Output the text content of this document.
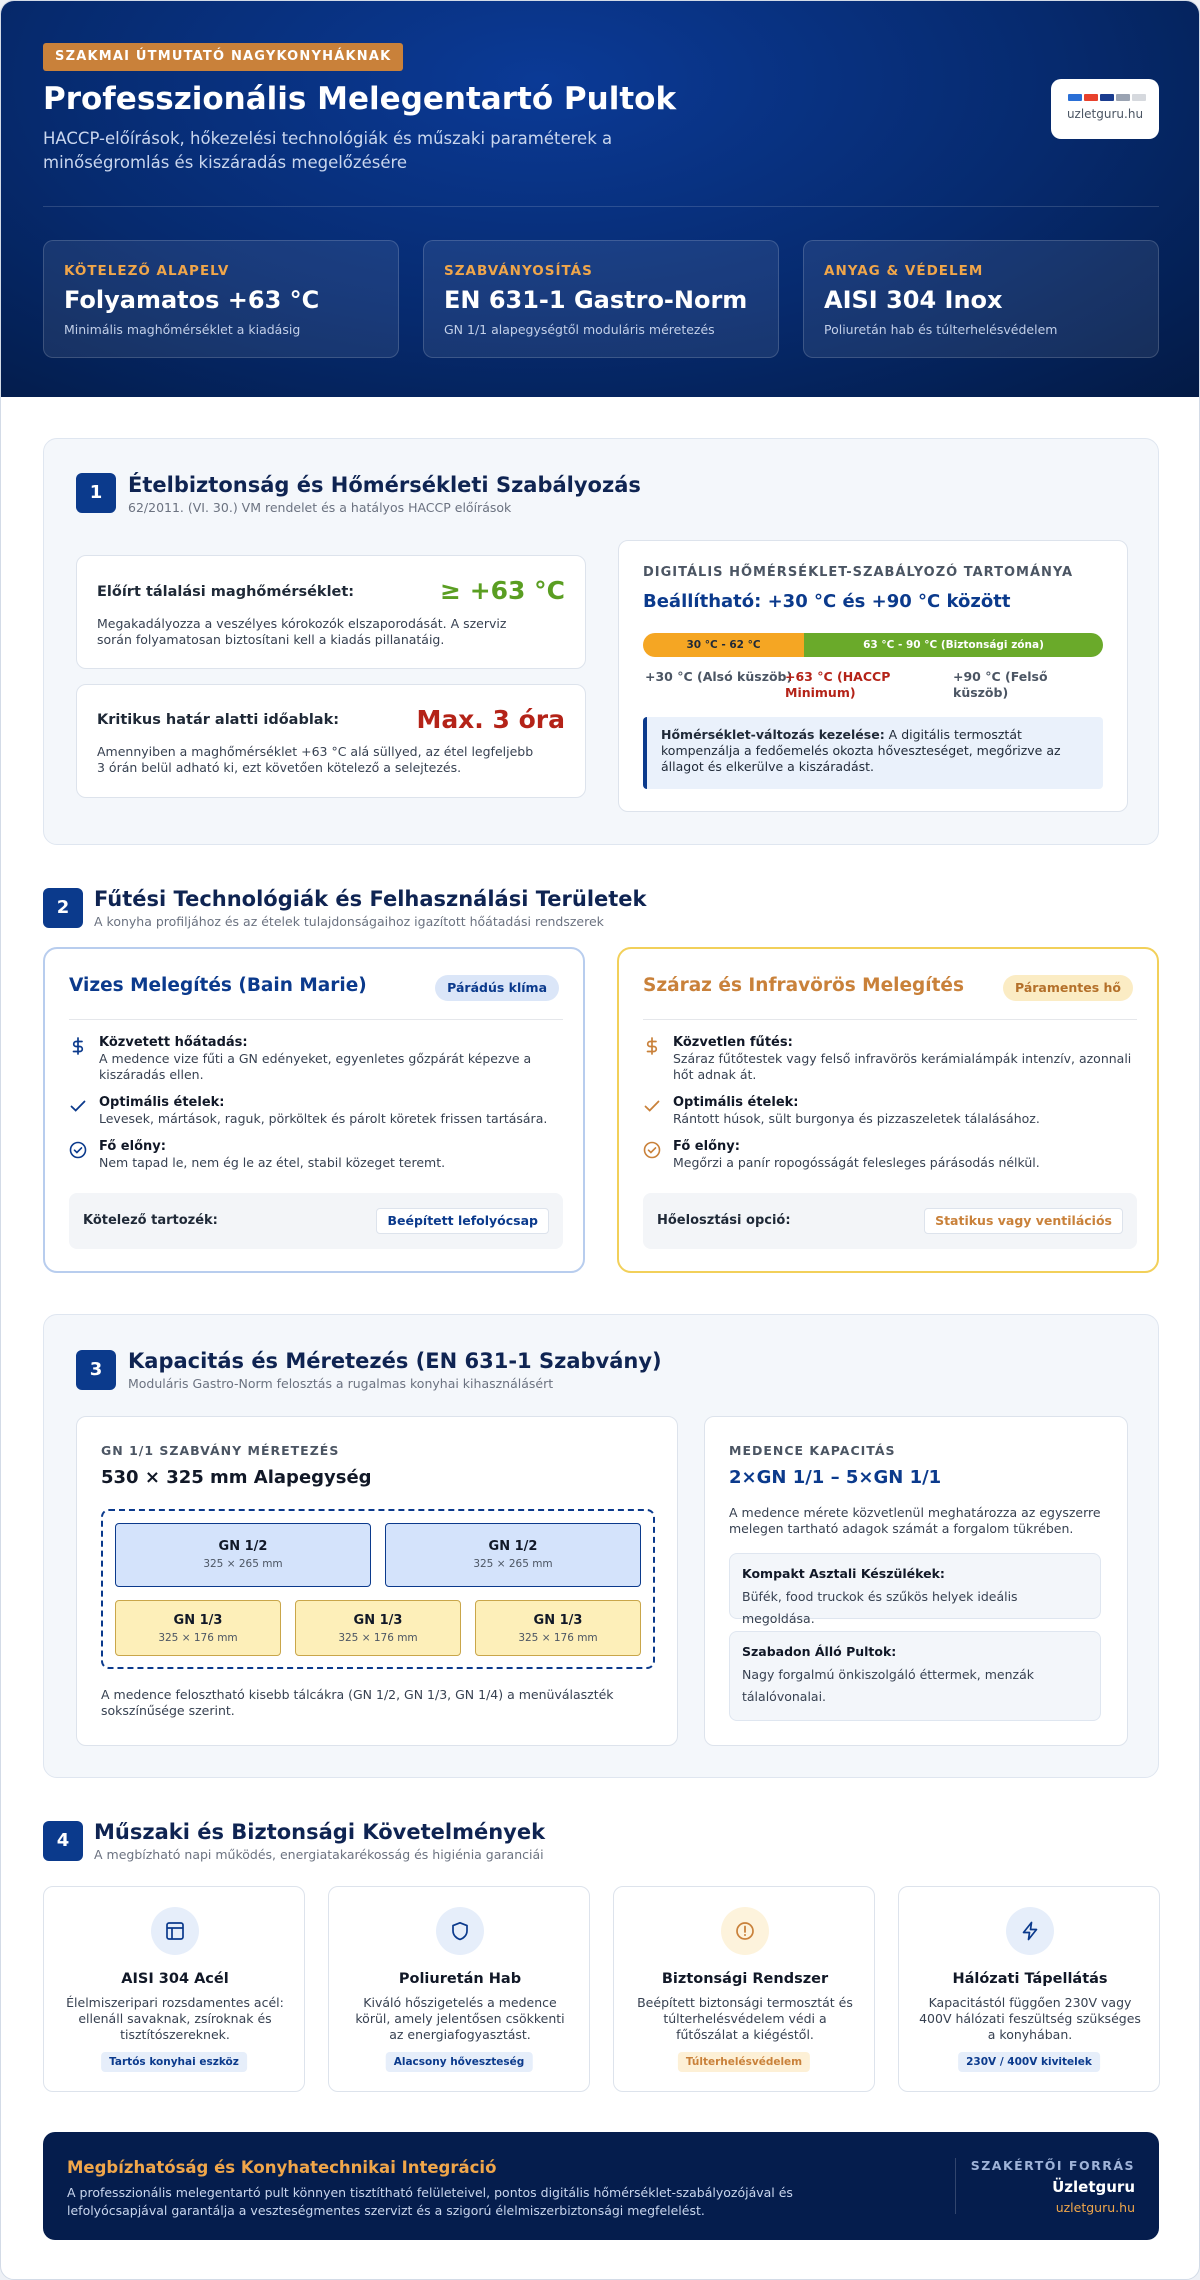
SZAKMAI ÚTMUTATÓ NAGYKONYHÁKNAK
Professzionális Melegentartó Pultok
HACCP-előírások, hőkezelési technológiák és műszaki paraméterek a minőségromlás és kiszáradás megelőzésére
uzletguru.hu
KÖTELEZŐ ALAPELV
Folyamatos +63 °C
Minimális maghőmérséklet a kiadásig
SZABVÁNYOSÍTÁS
EN 631-1 Gastro-Norm
GN 1/1 alapegységtől moduláris méretezés
ANYAG & VÉDELEM
AISI 304 Inox
Poliuretán hab és túlterhelésvédelem
1	Ételbiztonság és Hőmérsékleti Szabályozás
62/2011. (VI. 30.) VM rendelet és a hatályos HACCP előírások
Előírt tálalási maghőmérséklet:	≥ +63 °C
Megakadályozza a veszélyes kórokozók elszaporodását. A szerviz során folyamatosan biztosítani kell a kiadás pillanatáig.
Kritikus határ alatti időablak:	Max. 3 óra
Amennyiben a maghőmérséklet +63 °C alá süllyed, az étel legfeljebb 3 órán belül adható ki, ezt követően kötelező a selejtezés.
DIGITÁLIS HŐMÉRSÉKLET-SZABÁLYOZÓ TARTOMÁNYA
Beállítható: +30 °C és +90 °C között
30 °C - 62 °C	63 °C - 90 °C (Biztonsági zóna)
+30 °C (Alsó küszöb)
+63 °C (HACCP Minimum)
+90 °C (Felső küszöb)
Hőmérséklet-változás kezelése: A digitális termosztát kompenzálja a fedőemelés okozta hőveszteséget, megőrizve az állagot és elkerülve a kiszáradást.
2	Fűtési Technológiák és Felhasználási Területek
A konyha profiljához és az ételek tulajdonságaihoz igazított hőátadási rendszerek
Vizes Melegítés (Bain Marie)	Párádús klíma
Közvetett hőátadás:
A medence vize fűti a GN edényeket, egyenletes gőzpárát képezve a kiszáradás ellen.
Optimális ételek:
Levesek, mártások, raguk, pörköltek és párolt köretek frissen tartására.
Fő előny:
Nem tapad le, nem ég le az étel, stabil közeget teremt.
Kötelező tartozék:	Beépített lefolyócsap
Száraz és Infravörös Melegítés	Páramentes hő
Közvetlen fűtés:
Száraz fűtőtestek vagy felső infravörös kerámialámpák intenzív, azonnali hőt adnak át.
Optimális ételek:
Rántott húsok, sült burgonya és pizzaszeletek tálalásához.
Fő előny:
Megőrzi a panír ropogósságát felesleges párásodás nélkül.
Hőelosztási opció:	Statikus vagy ventilációs
3	Kapacitás és Méretezés (EN 631-1 Szabvány)
Moduláris Gastro-Norm felosztás a rugalmas konyhai kihasználásért
GN 1/1 SZABVÁNY MÉRETEZÉS
530 × 325 mm Alapegység
GN 1/2
325 × 265 mm
GN 1/2
325 × 265 mm
GN 1/3
325 × 176 mm
GN 1/3
325 × 176 mm
GN 1/3
325 × 176 mm
A medence felosztható kisebb tálcákra (GN 1/2, GN 1/3, GN 1/4) a menüválaszték sokszínűsége szerint.
MEDENCE KAPACITÁS
2×GN 1/1 – 5×GN 1/1
A medence mérete közvetlenül meghatározza az egyszerre melegen tartható adagok számát a forgalom tükrében.
Kompakt Asztali Készülékek:
Büfék, food truckok és szűkös helyek ideális megoldása.
Szabadon Álló Pultok:
Nagy forgalmú önkiszolgáló éttermek, menzák tálalóvonalai.
4	Műszaki és Biztonsági Követelmények
A megbízható napi működés, energiatakarékosság és higiénia garanciái
AISI 304 Acél
Élelmiszeripari rozsdamentes acél: ellenáll savaknak, zsíroknak és tisztítószereknek.
Tartós konyhai eszköz
Poliuretán Hab
Kiváló hőszigetelés a medence körül, amely jelentősen csökkenti az energiafogyasztást.
Alacsony hőveszteség
Biztonsági Rendszer
Beépített biztonsági termosztát és túlterhelésvédelem védi a fűtőszálat a kiégéstől.
Túlterhelésvédelem
Hálózati Tápellátás
Kapacitástól függően 230V vagy 400V hálózati feszültség szükséges a konyhában.
230V / 400V kivitelek
Megbízhatóság és Konyhatechnikai Integráció
A professzionális melegentartó pult könnyen tisztítható felületeivel, pontos digitális hőmérséklet-szabályozójával és lefolyócsapjával garantálja a veszteségmentes szervizt és a szigorú élelmiszerbiztonsági megfelelést.
SZAKÉRTŐI FORRÁS
Üzletguru
uzletguru.hu
